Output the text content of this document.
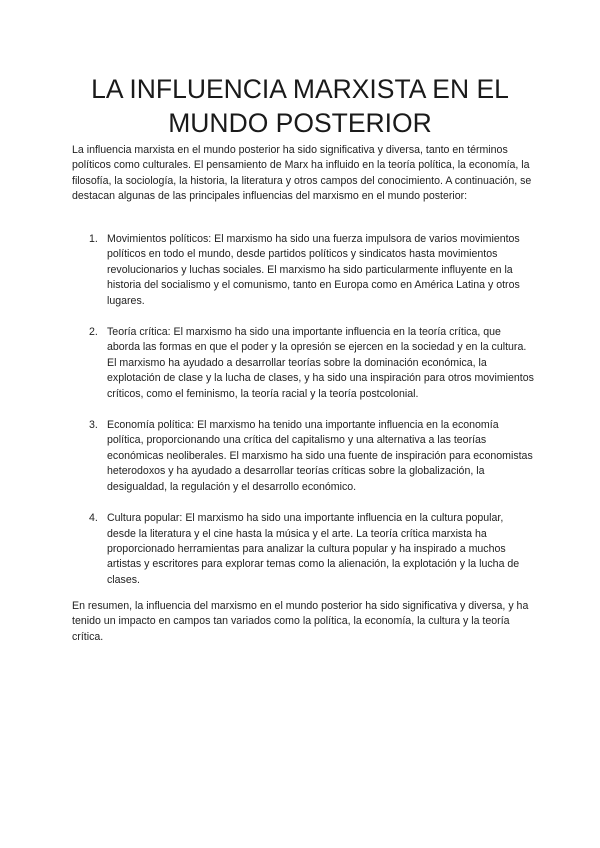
LA INFLUENCIA MARXISTA EN EL MUNDO POSTERIOR

La influencia marxista en el mundo posterior ha sido significativa y diversa, tanto en términos políticos como culturales. El pensamiento de Marx ha influido en la teoría política, la economía, la filosofía, la sociología, la historia, la literatura y otros campos del conocimiento. A continuación, se destacan algunas de las principales influencias del marxismo en el mundo posterior:

1. Movimientos políticos: El marxismo ha sido una fuerza impulsora de varios movimientos políticos en todo el mundo, desde partidos políticos y sindicatos hasta movimientos revolucionarios y luchas sociales. El marxismo ha sido particularmente influyente en la historia del socialismo y el comunismo, tanto en Europa como en América Latina y otros lugares.
2. Teoría crítica: El marxismo ha sido una importante influencia en la teoría crítica, que aborda las formas en que el poder y la opresión se ejercen en la sociedad y en la cultura. El marxismo ha ayudado a desarrollar teorías sobre la dominación económica, la explotación de clase y la lucha de clases, y ha sido una inspiración para otros movimientos críticos, como el feminismo, la teoría racial y la teoría postcolonial.
3. Economía política: El marxismo ha tenido una importante influencia en la economía política, proporcionando una crítica del capitalismo y una alternativa a las teorías económicas neoliberales. El marxismo ha sido una fuente de inspiración para economistas heterodoxos y ha ayudado a desarrollar teorías críticas sobre la globalización, la desigualdad, la regulación y el desarrollo económico.
4. Cultura popular: El marxismo ha sido una importante influencia en la cultura popular, desde la literatura y el cine hasta la música y el arte. La teoría crítica marxista ha proporcionado herramientas para analizar la cultura popular y ha inspirado a muchos artistas y escritores para explorar temas como la alienación, la explotación y la lucha de clases.

En resumen, la influencia del marxismo en el mundo posterior ha sido significativa y diversa, y ha tenido un impacto en campos tan variados como la política, la economía, la cultura y la teoría crítica.
